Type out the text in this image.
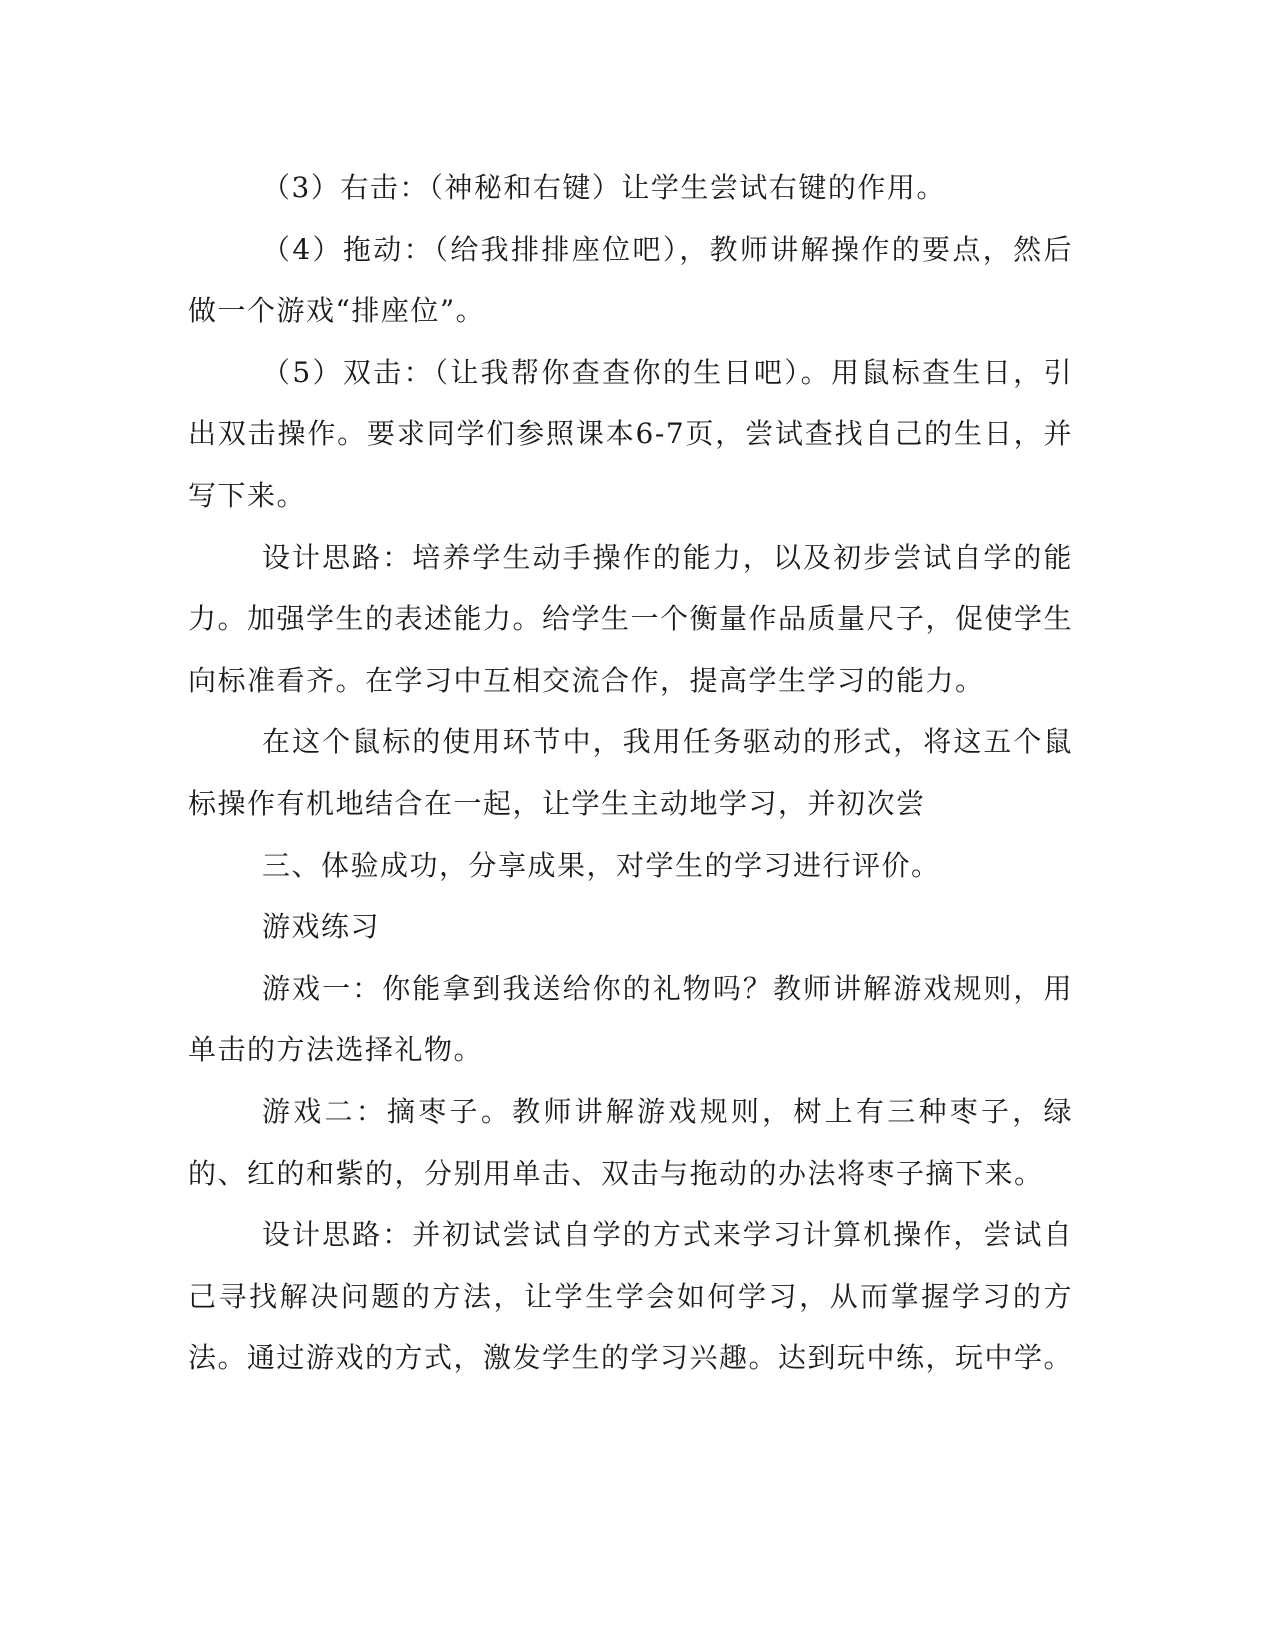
（3）右击：（神秘和右键）让学生尝试右键的作用。

（4）拖动：（给我排排座位吧），教师讲解操作的要点，然后做一个游戏“排座位”。

（5）双击：（让我帮你查查你的生日吧）。用鼠标查生日，引出双击操作。要求同学们参照课本6-7页，尝试查找自己的生日，并写下来。

设计思路：培养学生动手操作的能力，以及初步尝试自学的能力。加强学生的表述能力。给学生一个衡量作品质量尺子，促使学生向标准看齐。在学习中互相交流合作，提高学生学习的能力。

在这个鼠标的使用环节中，我用任务驱动的形式，将这五个鼠标操作有机地结合在一起，让学生主动地学习，并初次尝

三、体验成功，分享成果，对学生的学习进行评价。

游戏练习

游戏一：你能拿到我送给你的礼物吗？教师讲解游戏规则，用单击的方法选择礼物。

游戏二：摘枣子。教师讲解游戏规则，树上有三种枣子，绿的、红的和紫的，分别用单击、双击与拖动的办法将枣子摘下来。

设计思路：并初试尝试自学的方式来学习计算机操作，尝试自己寻找解决问题的方法，让学生学会如何学习，从而掌握学习的方法。通过游戏的方式，激发学生的学习兴趣。达到玩中练，玩中学。
